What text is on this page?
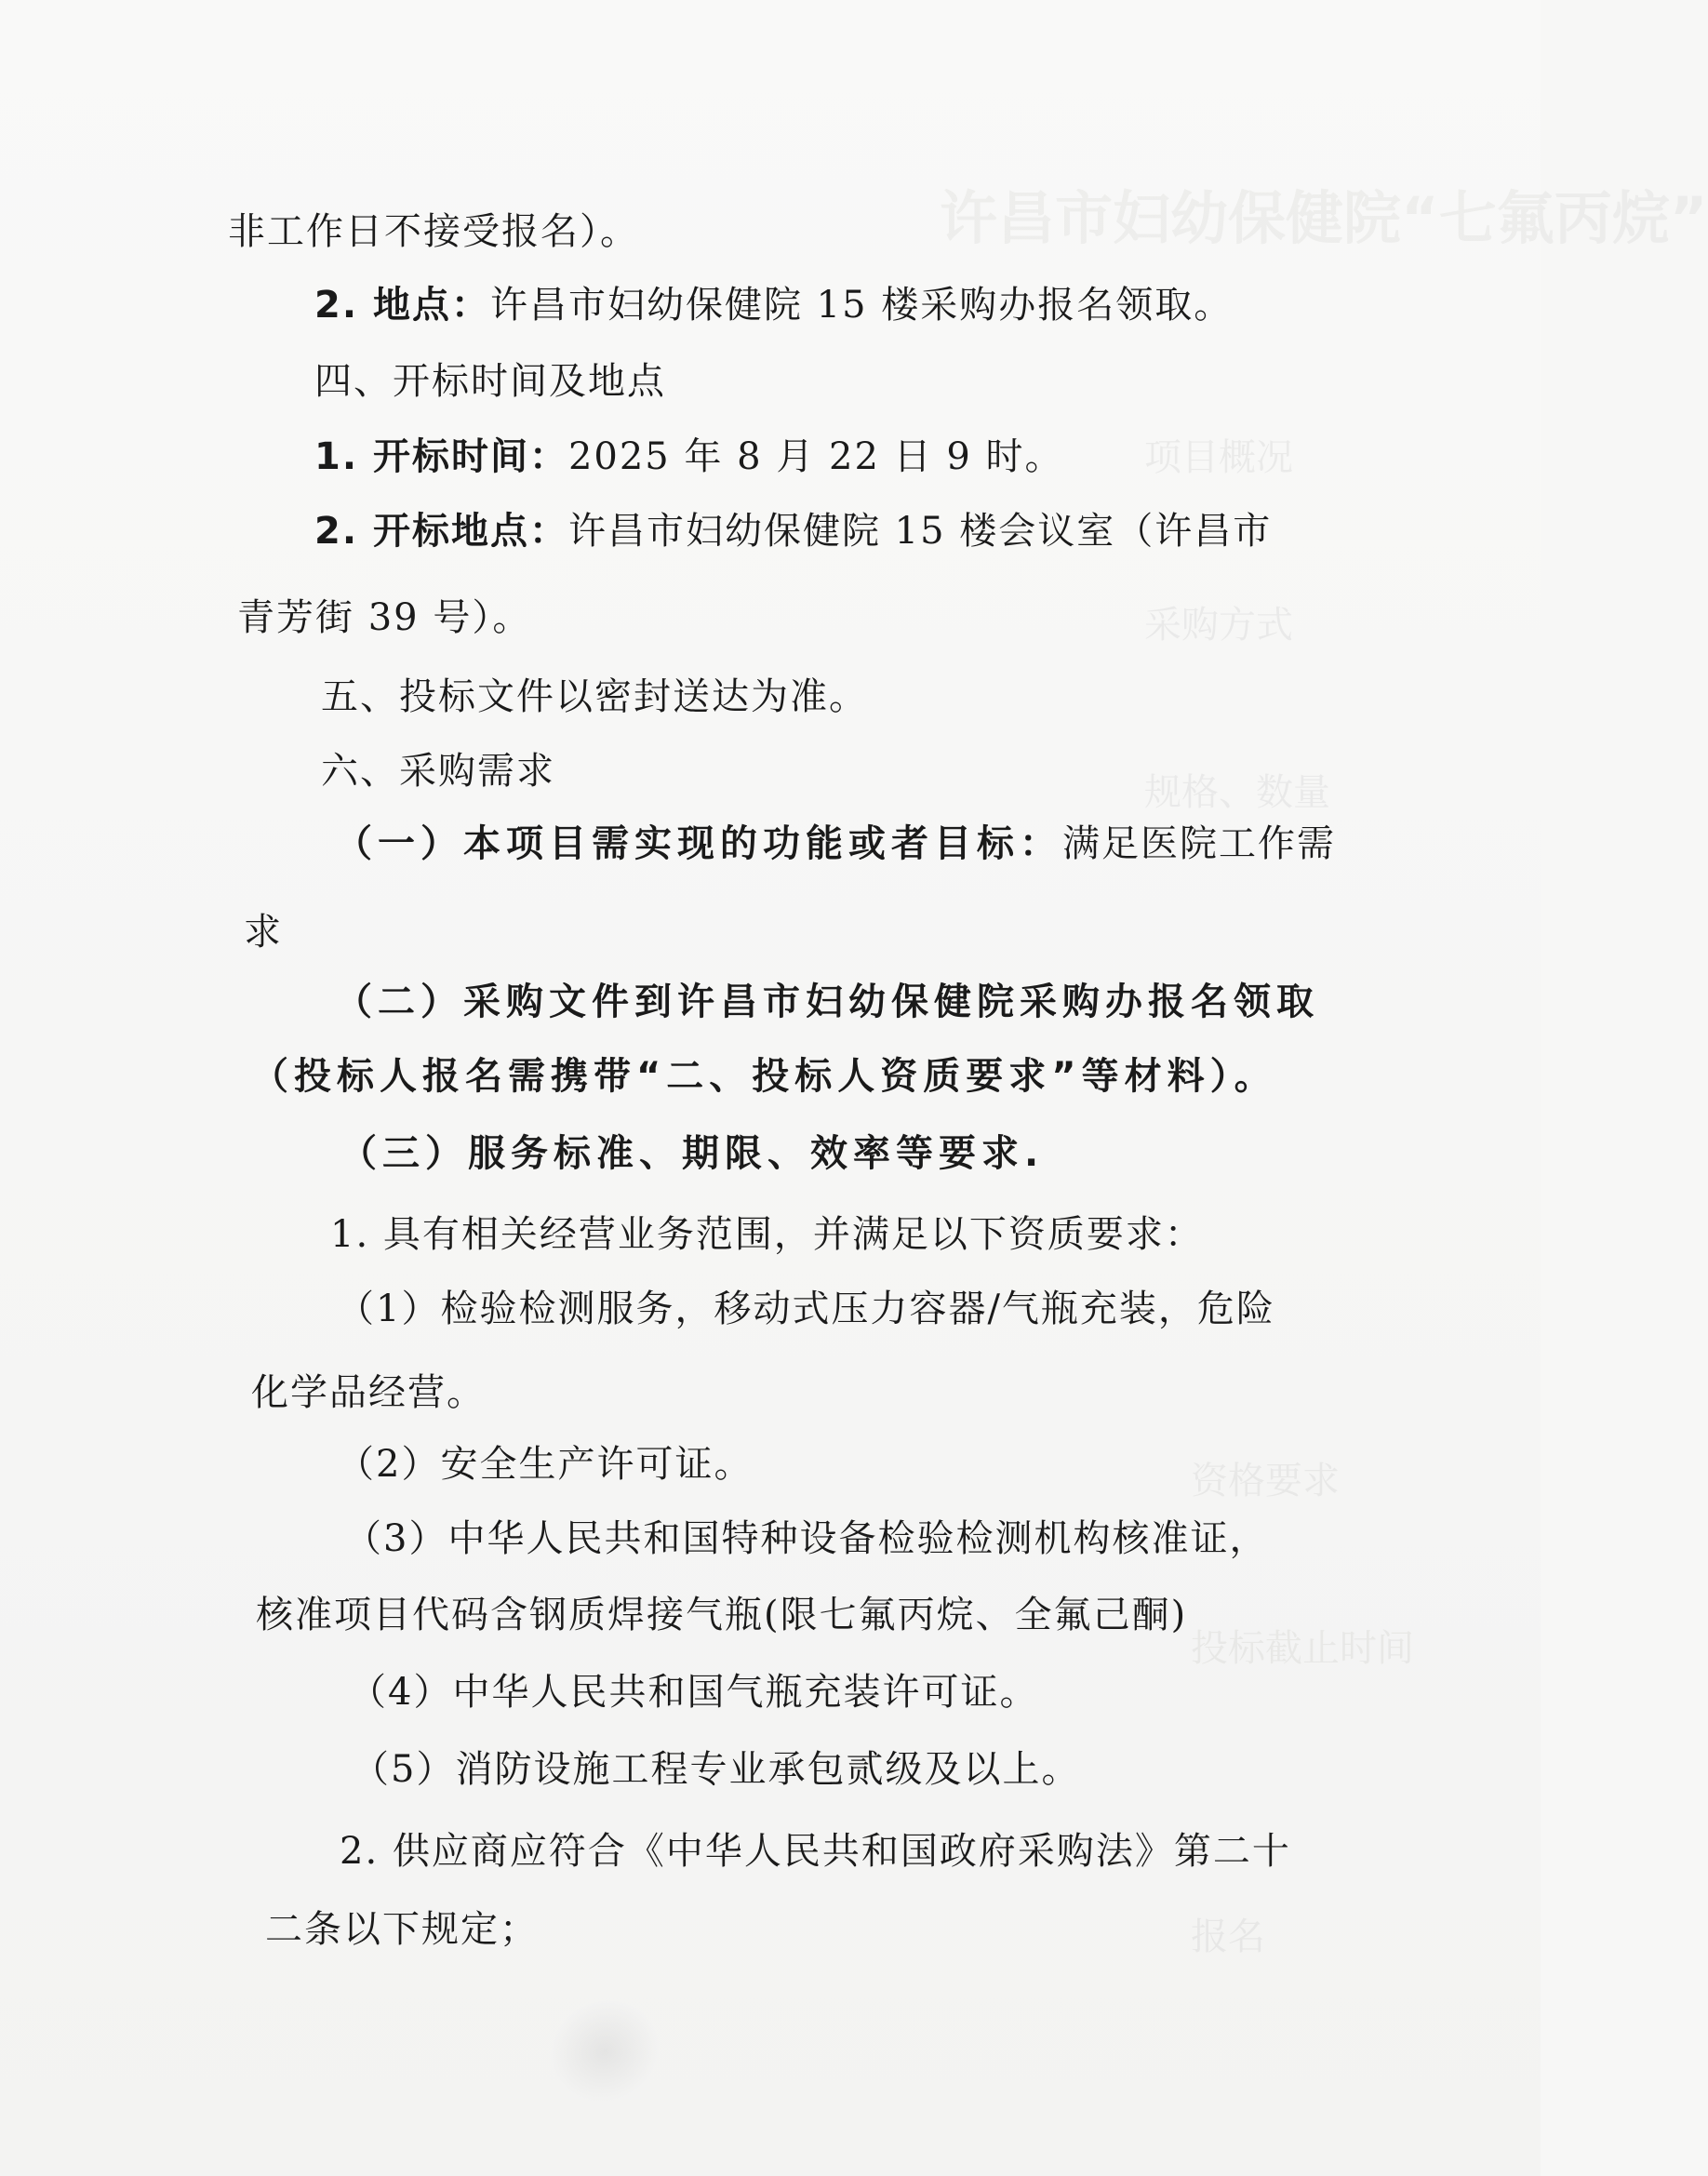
许昌市妇幼保健院“七氟丙烷”
项目概况
采购方式
规格、数量
资格要求
投标截止时间
报名
非工作日不接受报名）。
2. 地点：许昌市妇幼保健院 15 楼采购办报名领取。
四、开标时间及地点
1. 开标时间：2025 年 8 月 22 日 9 时。
2. 开标地点：许昌市妇幼保健院 15 楼会议室（许昌市
青芳街 39 号）。
五、投标文件以密封送达为准。
六、采购需求
（一）本项目需实现的功能或者目标：满足医院工作需
求
（二）采购文件到许昌市妇幼保健院采购办报名领取
（投标人报名需携带“二、投标人资质要求”等材料）。
（三）服务标准、期限、效率等要求.
1. 具有相关经营业务范围，并满足以下资质要求：
（1）检验检测服务，移动式压力容器/气瓶充装，危险
化学品经营。
（2）安全生产许可证。
（3）中华人民共和国特种设备检验检测机构核准证，
核准项目代码含钢质焊接气瓶(限七氟丙烷、全氟己酮)
（4）中华人民共和国气瓶充装许可证。
（5）消防设施工程专业承包贰级及以上。
2. 供应商应符合《中华人民共和国政府采购法》第二十
二条以下规定；
